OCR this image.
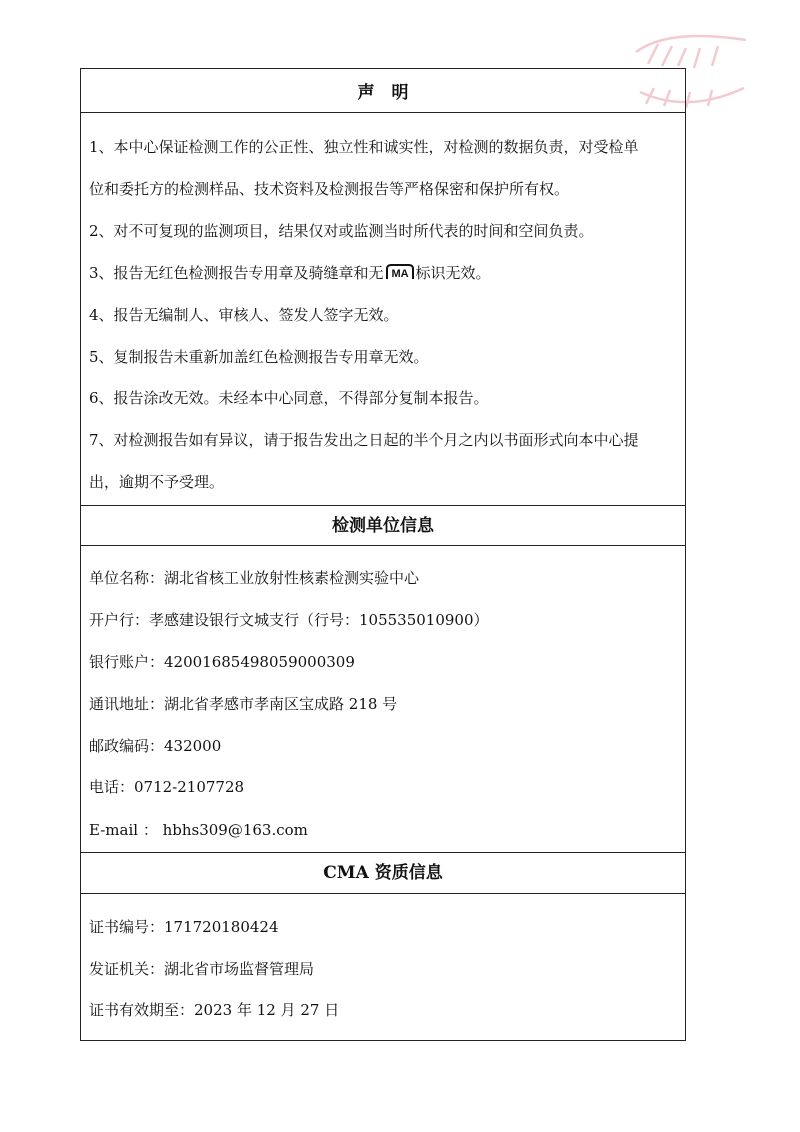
声　明
1、本中心保证检测工作的公正性、独立性和诚实性，对检测的数据负责，对受检单
位和委托方的检测样品、技术资料及检测报告等严格保密和保护所有权。
2、对不可复现的监测项目，结果仅对或监测当时所代表的时间和空间负责。
3、报告无红色检测报告专用章及骑缝章和无 MA 标识无效。
4、报告无编制人、审核人、签发人签字无效。
5、复制报告未重新加盖红色检测报告专用章无效。
6、报告涂改无效。未经本中心同意，不得部分复制本报告。
7、对检测报告如有异议，请于报告发出之日起的半个月之内以书面形式向本中心提
出，逾期不予受理。
检测单位信息
单位名称：湖北省核工业放射性核素检测实验中心
开户行：孝感建设银行文城支行（行号：105535010900）
银行账户：42001685498059000309
通讯地址：湖北省孝感市孝南区宝成路 218 号
邮政编码：432000
电话：0712-2107728
E-mail ： hbhs309@163.com
CMA 资质信息
证书编号：171720180424
发证机关：湖北省市场监督管理局
证书有效期至：2023 年 12 月 27 日
